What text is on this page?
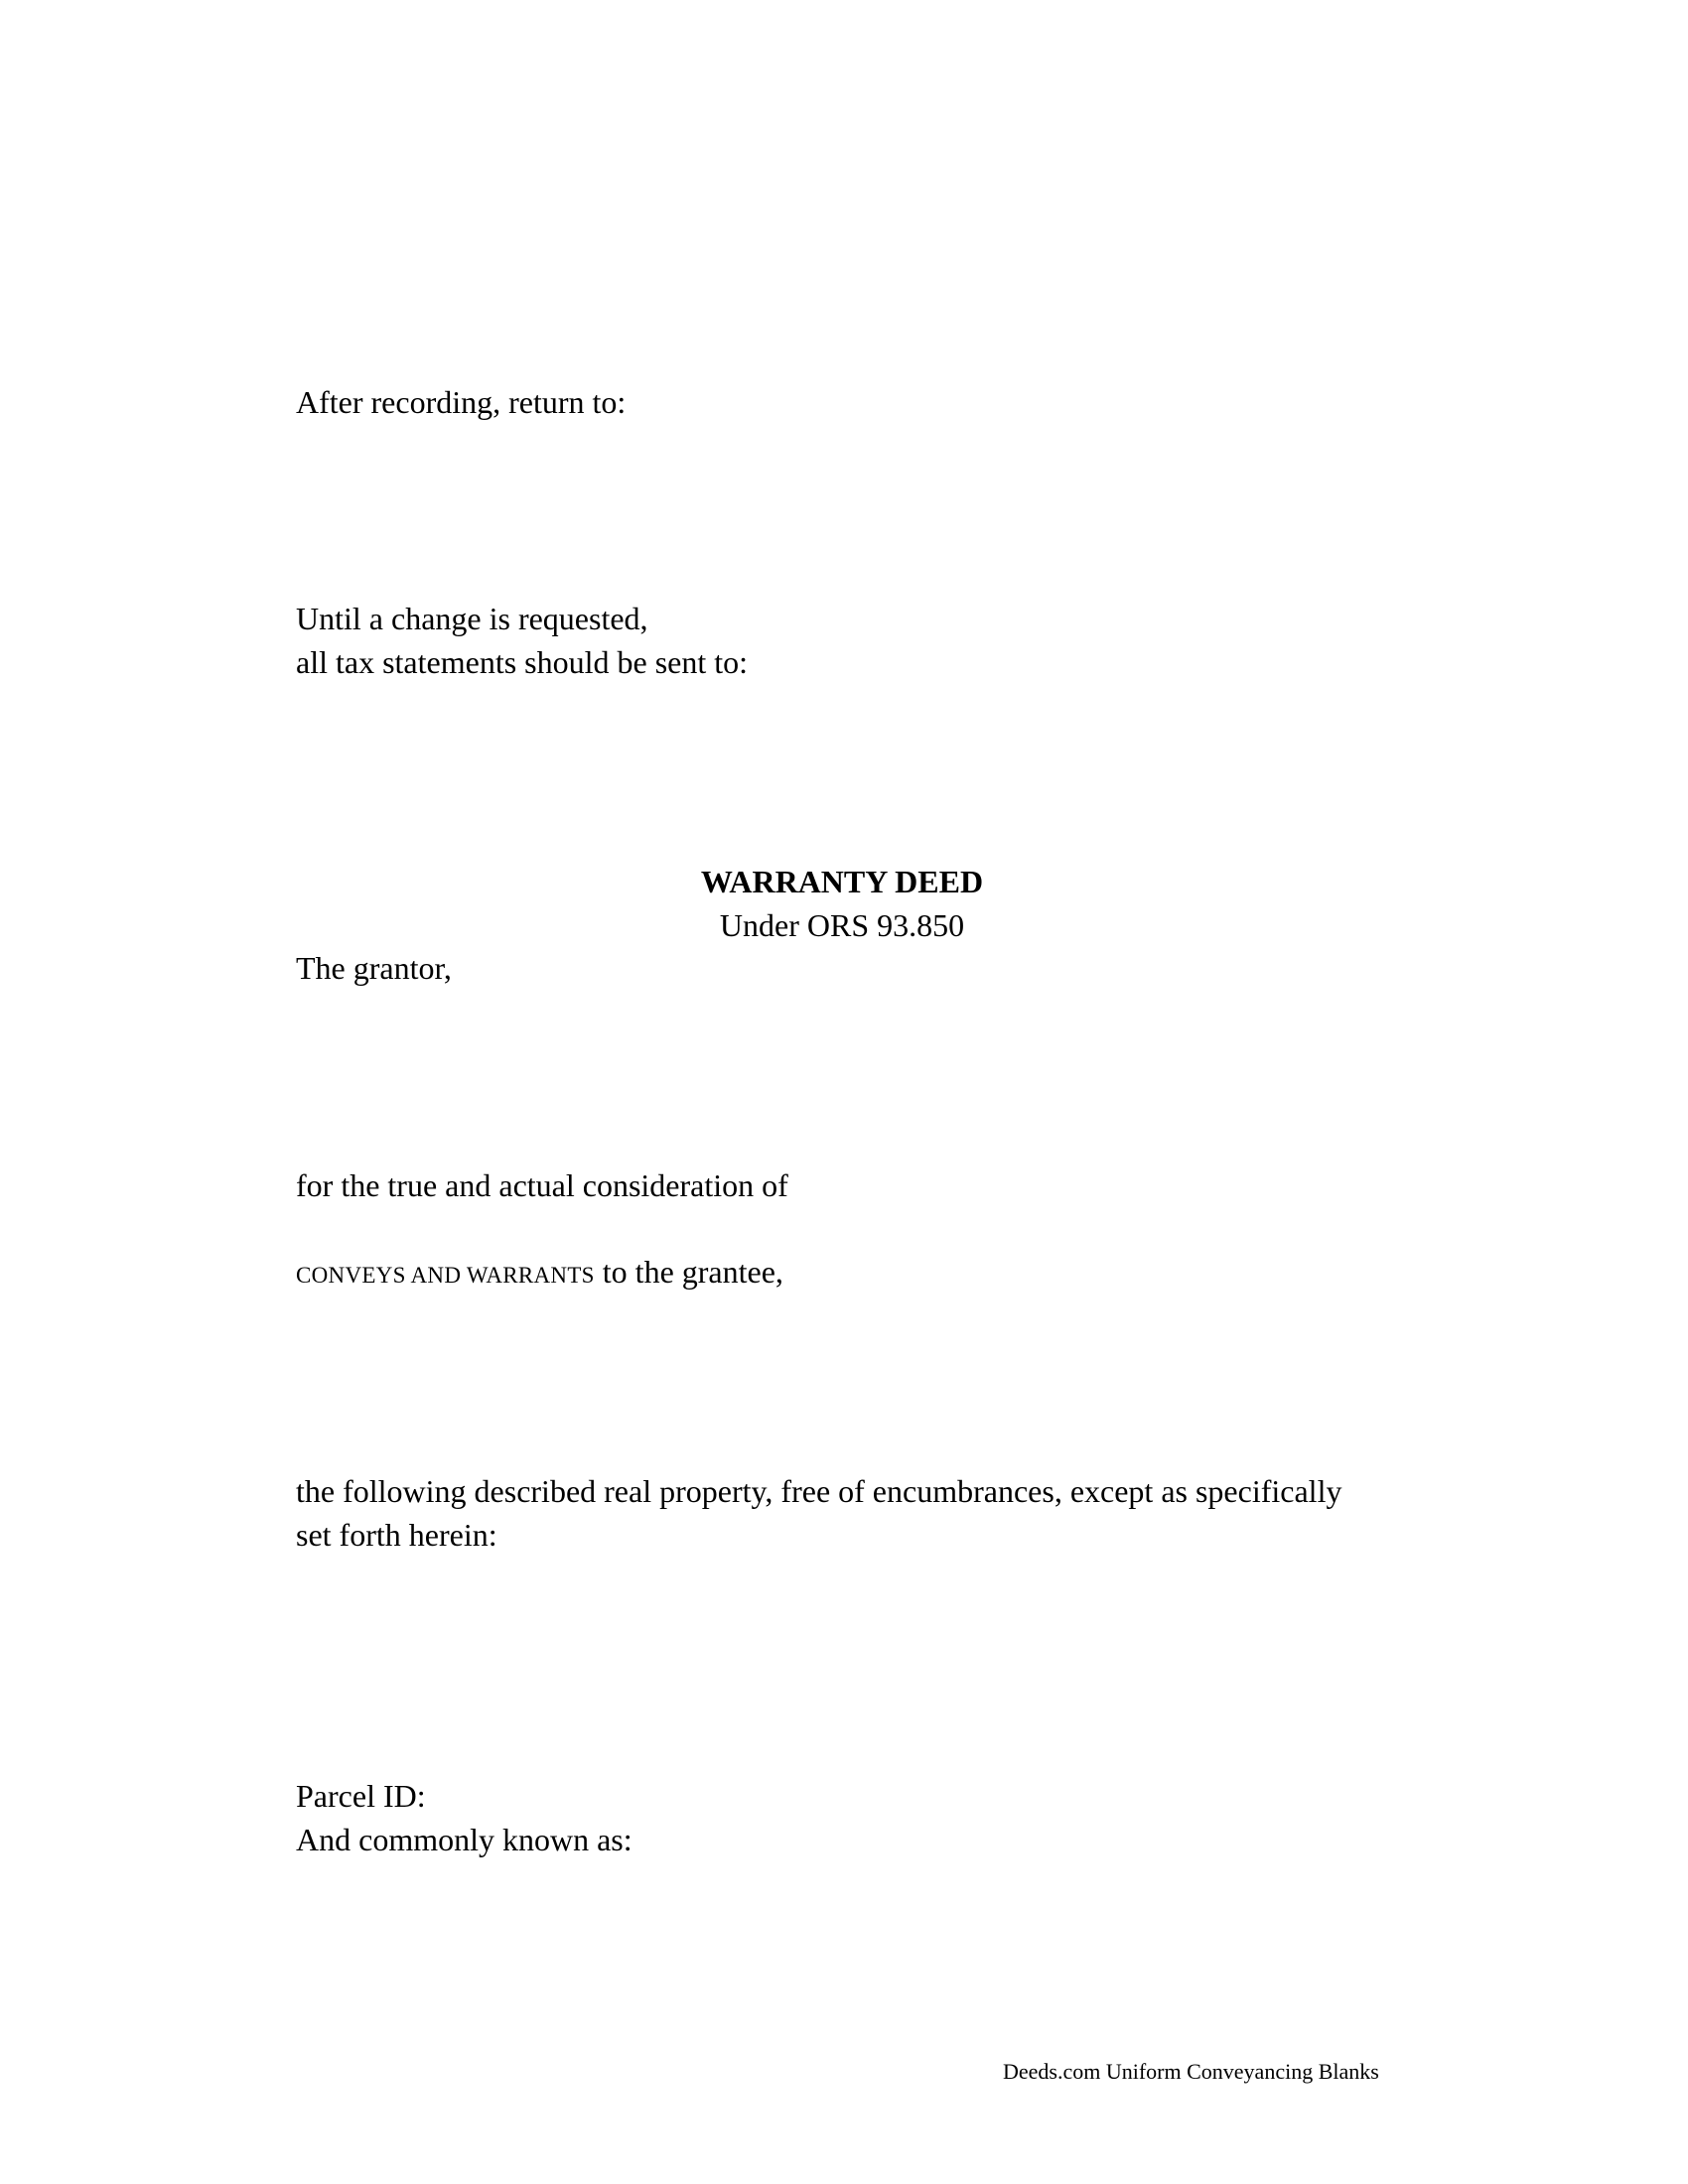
After recording, return to:
Until a change is requested,
all tax statements should be sent to:
WARRANTY DEED
Under ORS 93.850
The grantor,
for the true and actual consideration of
CONVEYS AND WARRANTS to the grantee,
the following described real property, free of encumbrances, except as specifically
set forth herein:
Parcel ID:
And commonly known as:
Deeds.com Uniform Conveyancing Blanks
